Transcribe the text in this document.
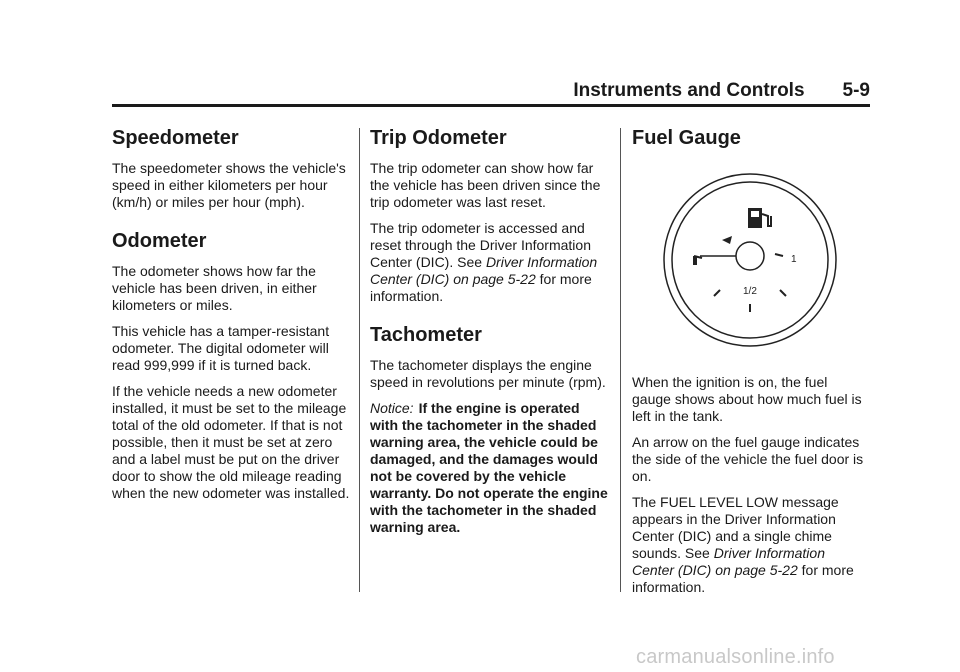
Instruments and Controls 5-9
Speedometer

The speedometer shows the vehicle's speed in either kilometers per hour (km/h) or miles per hour (mph).

Odometer

The odometer shows how far the vehicle has been driven, in either kilometers or miles.

This vehicle has a tamper-resistant odometer. The digital odometer will read 999,999 if it is turned back.

If the vehicle needs a new odometer installed, it must be set to the mileage total of the old odometer. If that is not possible, then it must be set at zero and a label must be put on the driver door to show the old mileage reading when the new odometer was installed.

Trip Odometer

The trip odometer can show how far the vehicle has been driven since the trip odometer was last reset.

The trip odometer is accessed and reset through the Driver Information Center (DIC). See Driver Information Center (DIC) on page 5-22 for more information.

Tachometer

The tachometer displays the engine speed in revolutions per minute (rpm).

Notice: If the engine is operated with the tachometer in the shaded warning area, the vehicle could be damaged, and the damages would not be covered by the vehicle warranty. Do not operate the engine with the tachometer in the shaded warning area.

Fuel Gauge

When the ignition is on, the fuel gauge shows about how much fuel is left in the tank.

An arrow on the fuel gauge indicates the side of the vehicle the fuel door is on.

The FUEL LEVEL LOW message appears in the Driver Information Center (DIC) and a single chime sounds. See Driver Information Center (DIC) on page 5-22 for more information.

1
1/2
carmanualsonline.info
